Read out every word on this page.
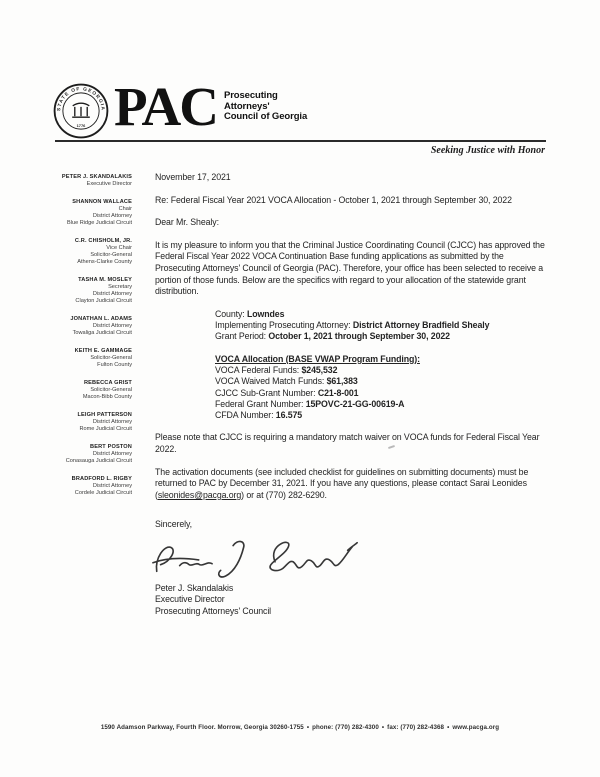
STATE OF GEORGIA
1776 PAC Prosecuting
Attorneys'
Council of Georgia
Seeking Justice with Honor
PETER J. SKANDALAKIS
Executive Director
SHANNON WALLACE
Chair
District Attorney
Blue Ridge Judicial Circuit
C.R. CHISHOLM, JR.
Vice Chair
Solicitor-General
Athens-Clarke County
TASHA M. MOSLEY
Secretary
District Attorney
Clayton Judicial Circuit
JONATHAN L. ADAMS
District Attorney
Towaliga Judicial Circuit
KEITH E. GAMMAGE
Solicitor-General
Fulton County
REBECCA GRIST
Solicitor-General
Macon-Bibb County
LEIGH PATTERSON
District Attorney
Rome Judicial Circuit
BERT POSTON
District Attorney
Conasauga Judicial Circuit
BRADFORD L. RIGBY
District Attorney
Cordele Judicial Circuit

November 17, 2021

Re: Federal Fiscal Year 2021 VOCA Allocation - October 1, 2021 through September 30, 2022

Dear Mr. Shealy:

It is my pleasure to inform you that the Criminal Justice Coordinating Council (CJCC) has approved the Federal Fiscal Year 2022 VOCA Continuation Base funding applications as submitted by the Prosecuting Attorneys' Council of Georgia (PAC). Therefore, your office has been selected to receive a portion of those funds. Below are the specifics with regard to your allocation of the statewide grant distribution.

County: Lowndes
Implementing Prosecuting Attorney: District Attorney Bradfield Shealy
Grant Period: October 1, 2021 through September 30, 2022
VOCA Allocation (BASE VWAP Program Funding):
VOCA Federal Funds: $245,532
VOCA Waived Match Funds: $61,383
CJCC Sub-Grant Number: C21-8-001
Federal Grant Number: 15POVC-21-GG-00619-A
CFDA Number: 16.575

Please note that CJCC is requiring a mandatory match waiver on VOCA funds for Federal Fiscal Year 2022.

The activation documents (see included checklist for guidelines on submitting documents) must be returned to PAC by December 31, 2021. If you have any questions, please contact Sarai Leonides (sleonides@pacga.org) or at (770) 282-6290.

Sincerely,

Peter J. Skandalakis
Executive Director
Prosecuting Attorneys' Council
1590 Adamson Parkway, Fourth Floor. Morrow, Georgia 30260-1755 • phone: (770) 282-4300 • fax: (770) 282-4368 • www.pacga.org
